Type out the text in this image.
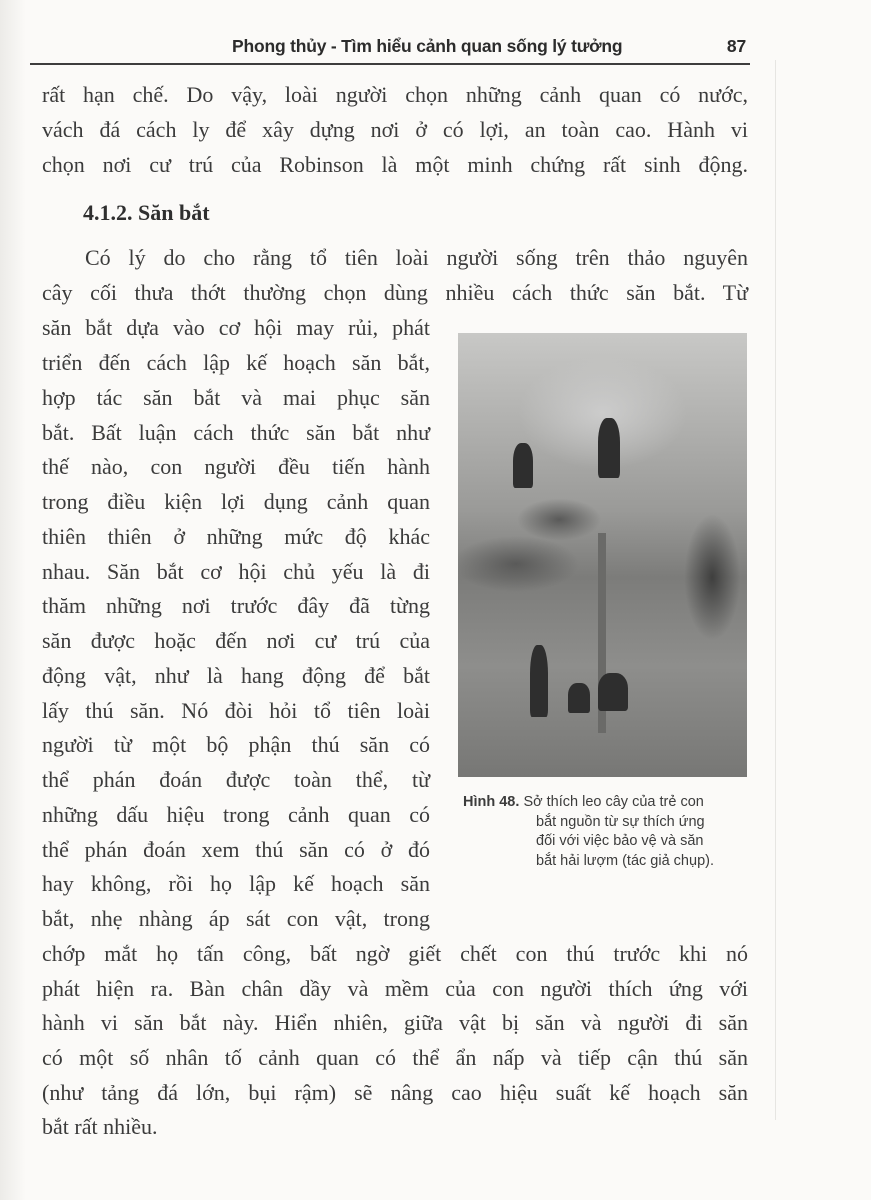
Phong thủy - Tìm hiểu cảnh quan sống lý tưởng	87
rất hạn chế. Do vậy, loài người chọn những cảnh quan có nước,
vách đá cách ly để xây dựng nơi ở có lợi, an toàn cao. Hành vi
chọn nơi cư trú của Robinson là một minh chứng rất sinh động.
4.1.2. Săn bắt
Có lý do cho rằng tổ tiên loài người sống trên thảo nguyên
cây cối thưa thớt thường chọn dùng nhiều cách thức săn bắt. Từ
săn bắt dựa vào cơ hội may rủi, phát
triển đến cách lập kế hoạch săn bắt,
hợp tác săn bắt và mai phục săn
bắt. Bất luận cách thức săn bắt như
thế nào, con người đều tiến hành
trong điều kiện lợi dụng cảnh quan
thiên thiên ở những mức độ khác
nhau. Săn bắt cơ hội chủ yếu là đi
thăm những nơi trước đây đã từng
săn được hoặc đến nơi cư trú của
động vật, như là hang động để bắt
lấy thú săn. Nó đòi hỏi tổ tiên loài
người từ một bộ phận thú săn có
thể phán đoán được toàn thể, từ
những dấu hiệu trong cảnh quan có
thể phán đoán xem thú săn có ở đó
hay không, rồi họ lập kế hoạch săn
bắt, nhẹ nhàng áp sát con vật, trong
chớp mắt họ tấn công, bất ngờ giết chết con thú trước khi nó
phát hiện ra. Bàn chân dầy và mềm của con người thích ứng với
hành vi săn bắt này. Hiển nhiên, giữa vật bị săn và người đi săn
có một số nhân tố cảnh quan có thể ẩn nấp và tiếp cận thú săn
(như tảng đá lớn, bụi rậm) sẽ nâng cao hiệu suất kế hoạch săn
bắt rất nhiều.
Hình 48. Sở thích leo cây của trẻ con
bắt nguồn từ sự thích ứng
đối với việc bảo vệ và săn
bắt hải lượm (tác giả chụp).
